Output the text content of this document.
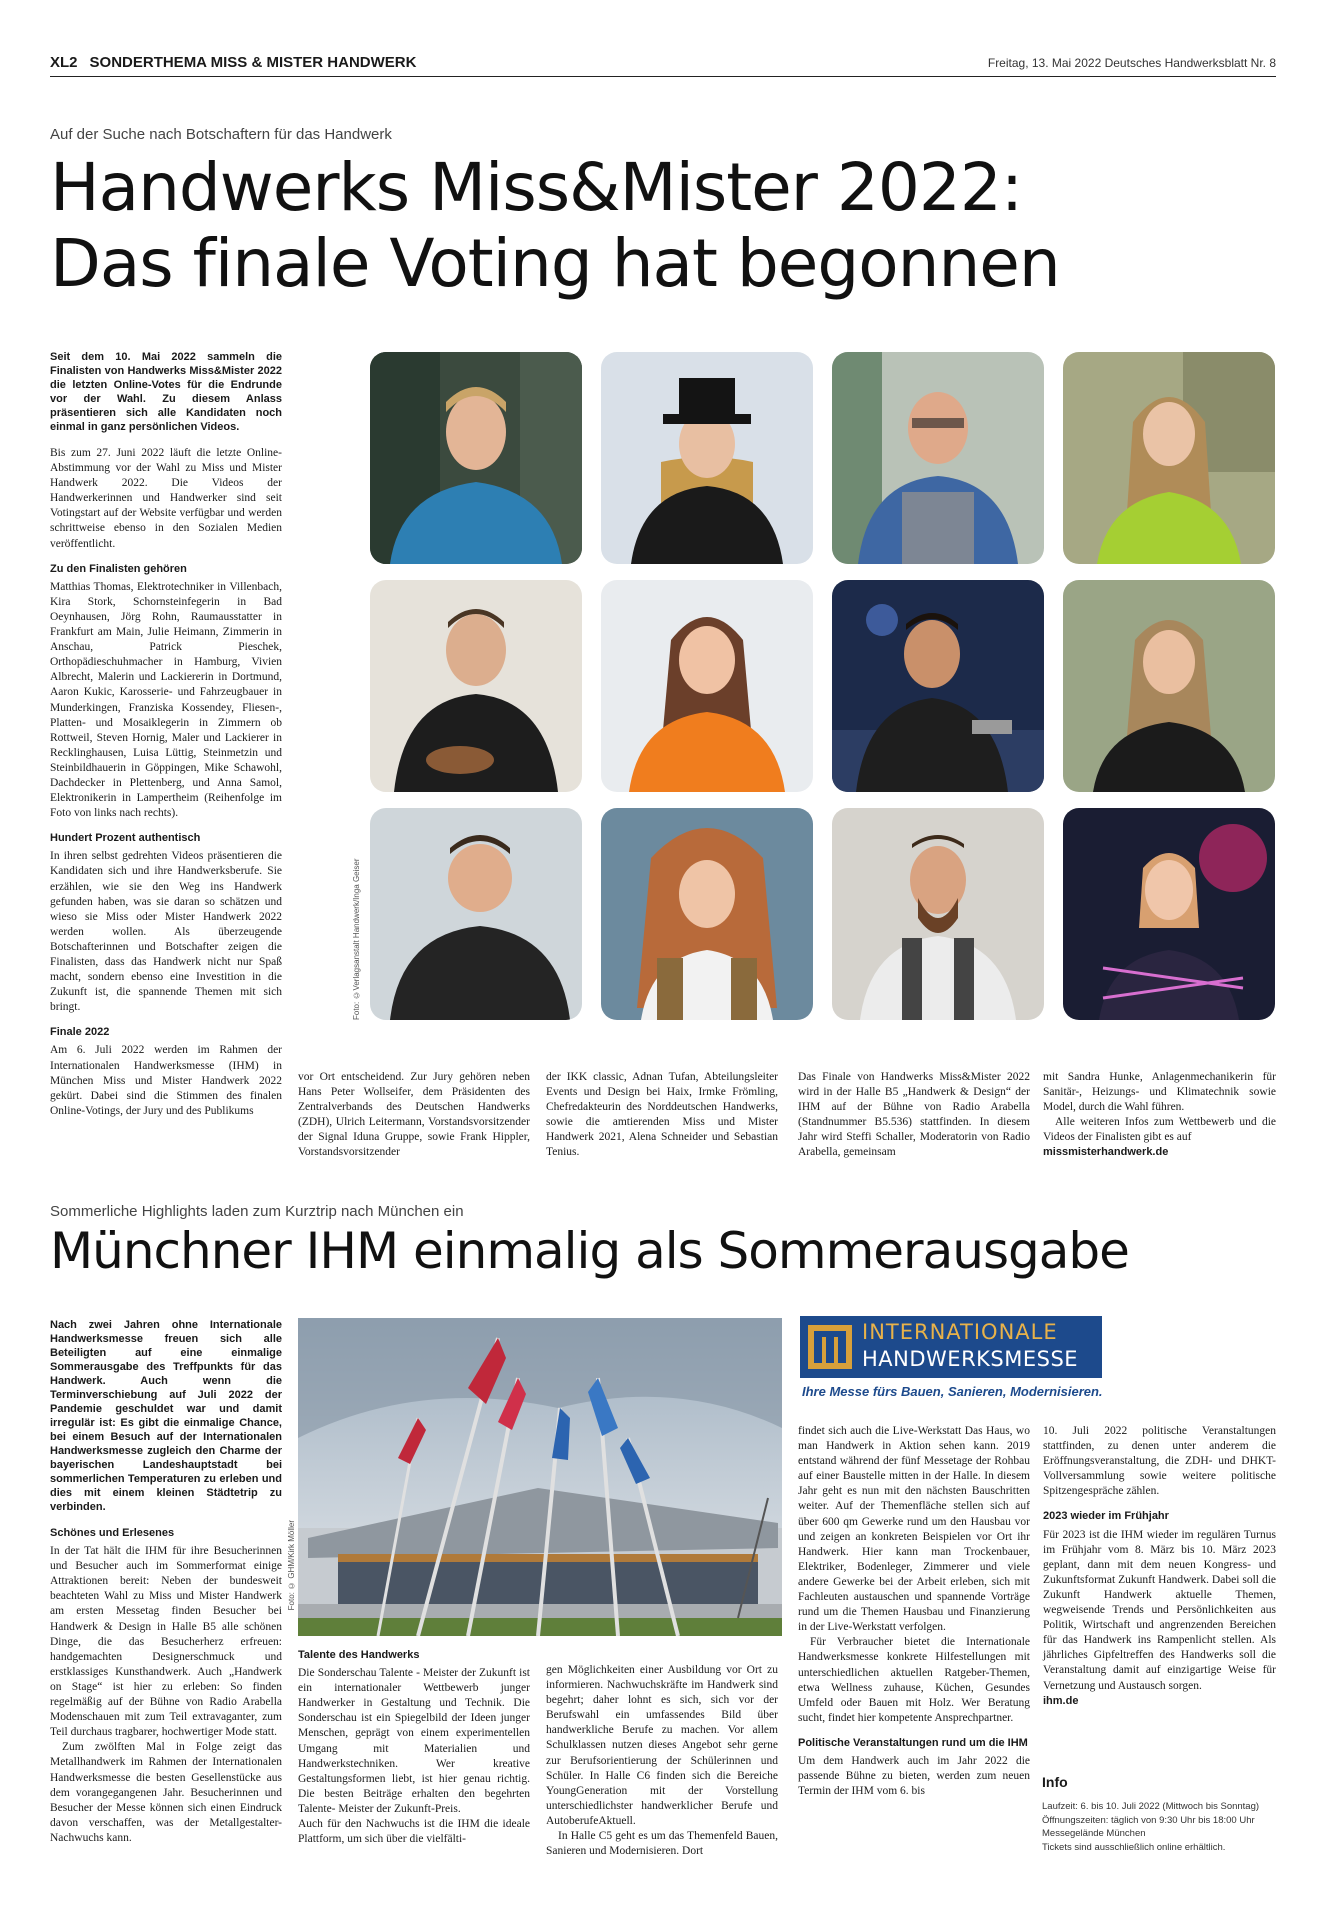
XL2 SONDERTHEMA MISS & MISTER HANDWERK	Freitag, 13. Mai 2022 Deutsches Handwerksblatt Nr. 8
Auf der Suche nach Botschaftern für das Handwerk
Handwerks Miss&Mister 2022:
Das finale Voting hat begonnen

Seit dem 10. Mai 2022 sammeln die Finalisten von Handwerks Miss&Mister 2022 die letzten Online-Votes für die Endrunde vor der Wahl. Zu diesem Anlass präsentieren sich alle Kandidaten noch einmal in ganz persönlichen Videos.

Bis zum 27. Juni 2022 läuft die letzte Online-Abstimmung vor der Wahl zu Miss und Mister Handwerk 2022. Die Videos der Handwerkerinnen und Handwerker sind seit Votingstart auf der Website verfügbar und werden schrittweise ebenso in den Sozialen Medien veröffentlicht.

Zu den Finalisten gehören

Matthias Thomas, Elektrotechniker in Villenbach, Kira Stork, Schornsteinfegerin in Bad Oeynhausen, Jörg Rohn, Raumausstatter in Frankfurt am Main, Julie Heimann, Zimmerin in Anschau, Patrick Pieschek, Orthopädieschuhmacher in Hamburg, Vivien Albrecht, Malerin und Lackiererin in Dortmund, Aaron Kukic, Karosserie- und Fahrzeugbauer in Munderkingen, Franziska Kossendey, Fliesen-, Platten- und Mosaiklegerin in Zimmern ob Rottweil, Steven Hornig, Maler und Lackierer in Recklinghausen, Luisa Lüttig, Steinmetzin und Steinbildhauerin in Göppingen, Mike Schawohl, Dachdecker in Plettenberg, und Anna Samol, Elektronikerin in Lampertheim (Reihenfolge im Foto von links nach rechts).

Hundert Prozent authentisch

In ihren selbst gedrehten Videos präsentieren die Kandidaten sich und ihre Handwerksberufe. Sie erzählen, wie sie den Weg ins Handwerk gefunden haben, was sie daran so schätzen und wieso sie Miss oder Mister Handwerk 2022 werden wollen. Als überzeugende Botschafterinnen und Botschafter zeigen die Finalisten, dass das Handwerk nicht nur Spaß macht, sondern ebenso eine Investition in die Zukunft ist, die spannende Themen mit sich bringt.

Finale 2022

Am 6. Juli 2022 werden im Rahmen der Internationalen Handwerksmesse (IHM) in München Miss und Mister Handwerk 2022 gekürt. Dabei sind die Stimmen des finalen Online-Votings, der Jury und des Publikums

Foto: ©Verlagsanstalt Handwerk/Inga Geiser

vor Ort entscheidend. Zur Jury gehören neben Hans Peter Wollseifer, dem Präsidenten des Zentralverbands des Deutschen Handwerks (ZDH), Ulrich Leitermann, Vorstandsvorsitzender der Signal Iduna Gruppe, sowie Frank Hippler, Vorstandsvorsitzender

der IKK classic, Adnan Tufan, Abteilungsleiter Events und Design bei Haix, Irmke Frömling, Chefredakteurin des Norddeutschen Handwerks, sowie die amtierenden Miss und Mister Handwerk 2021, Alena Schneider und Sebastian Tenius.

Das Finale von Handwerks Miss&Mister 2022 wird in der Halle B5 „Handwerk & Design“ der IHM auf der Bühne von Radio Arabella (Standnummer B5.536) stattfinden. In diesem Jahr wird Steffi Schaller, Moderatorin von Radio Arabella, gemeinsam

mit Sandra Hunke, Anlagenmechanikerin für Sanitär-, Heizungs- und Klimatechnik sowie Model, durch die Wahl führen.

Alle weiteren Infos zum Wettbewerb und die Videos der Finalisten gibt es auf

missmisterhandwerk.de

Sommerliche Highlights laden zum Kurztrip nach München ein
Münchner IHM einmalig als Sommerausgabe

Nach zwei Jahren ohne Internationale Handwerksmesse freuen sich alle Beteiligten auf eine einmalige Sommerausgabe des Treffpunkts für das Handwerk. Auch wenn die Terminverschiebung auf Juli 2022 der Pandemie geschuldet war und damit irregulär ist: Es gibt die einmalige Chance, bei einem Besuch auf der Internationalen Handwerksmesse zugleich den Charme der bayerischen Landeshauptstadt bei sommerlichen Temperaturen zu erleben und dies mit einem kleinen Städtetrip zu verbinden.

Schönes und Erlesenes

In der Tat hält die IHM für ihre Besucherinnen und Besucher auch im Sommerformat einige Attraktionen bereit: Neben der bundesweit beachteten Wahl zu Miss und Mister Handwerk am ersten Messetag finden Besucher bei Handwerk & Design in Halle B5 alle schönen Dinge, die das Besucherherz erfreuen: handgemachten Designerschmuck und erstklassiges Kunsthandwerk. Auch „Handwerk on Stage“ ist hier zu erleben: So finden regelmäßig auf der Bühne von Radio Arabella Modenschauen mit zum Teil extravaganter, zum Teil durchaus tragbarer, hochwertiger Mode statt.

Zum zwölften Mal in Folge zeigt das Metallhandwerk im Rahmen der Internationalen Handwerksmesse die besten Gesellenstücke aus dem vorangegangenen Jahr. Besucherinnen und Besucher der Messe können sich einen Eindruck davon verschaffen, was der Metallgestalter-Nachwuchs kann.

Foto: © GHM/Kirk Möller

Talente des Handwerks

Die Sonderschau Talente - Meister der Zukunft ist ein internationaler Wettbewerb junger Handwerker in Gestaltung und Technik. Die Sonderschau ist ein Spiegelbild der Ideen junger Menschen, geprägt von einem experimentellen Umgang mit Materialien und Handwerkstechniken. Wer kreative Gestaltungsformen liebt, ist hier genau richtig. Die besten Beiträge erhalten den begehrten Talente- Meister der Zukunft-Preis.

Auch für den Nachwuchs ist die IHM die ideale Plattform, um sich über die vielfälti-

gen Möglichkeiten einer Ausbildung vor Ort zu informieren. Nachwuchskräfte im Handwerk sind begehrt; daher lohnt es sich, sich vor der Berufswahl ein umfassendes Bild über handwerkliche Berufe zu machen. Vor allem Schulklassen nutzen dieses Angebot sehr gerne zur Berufsorientierung der Schülerinnen und Schüler. In Halle C6 finden sich die Bereiche YoungGeneration mit der Vorstellung unterschiedlichster handwerklicher Berufe und AutoberufeAktuell.

In Halle C5 geht es um das Themenfeld Bauen, Sanieren und Modernisieren. Dort

INTERNATIONALE
HANDWERKSMESSE
Ihre Messe fürs Bauen, Sanieren, Modernisieren.

findet sich auch die Live-Werkstatt Das Haus, wo man Handwerk in Aktion sehen kann. 2019 entstand während der fünf Messetage der Rohbau auf einer Baustelle mitten in der Halle. In diesem Jahr geht es nun mit den nächsten Bauschritten weiter. Auf der Themenfläche stellen sich auf über 600 qm Gewerke rund um den Hausbau vor und zeigen an konkreten Beispielen vor Ort ihr Handwerk. Hier kann man Trockenbauer, Elektriker, Bodenleger, Zimmerer und viele andere Gewerke bei der Arbeit erleben, sich mit Fachleuten austauschen und spannende Vorträge rund um die Themen Hausbau und Finanzierung in der Live-Werkstatt verfolgen.

Für Verbraucher bietet die Internationale Handwerksmesse konkrete Hilfestellungen mit unterschiedlichen aktuellen Ratgeber-Themen, etwa Wellness zuhause, Küchen, Gesundes Umfeld oder Bauen mit Holz. Wer Beratung sucht, findet hier kompetente Ansprechpartner.

Politische Veranstaltungen rund um die IHM

Um dem Handwerk auch im Jahr 2022 die passende Bühne zu bieten, werden zum neuen Termin der IHM vom 6. bis

10. Juli 2022 politische Veranstaltungen stattfinden, zu denen unter anderem die Eröffnungsveranstaltung, die ZDH- und DHKT-Vollversammlung sowie weitere politische Spitzengespräche zählen.

2023 wieder im Frühjahr

Für 2023 ist die IHM wieder im regulären Turnus im Frühjahr vom 8. März bis 10. März 2023 geplant, dann mit dem neuen Kongress- und Zukunftsformat Zukunft Handwerk. Dabei soll die Zukunft Handwerk aktuelle Themen, wegweisende Trends und Persönlichkeiten aus Politik, Wirtschaft und angrenzenden Bereichen für das Handwerk ins Rampenlicht stellen. Als jährliches Gipfeltreffen des Handwerks soll die Veranstaltung damit auf einzigartige Weise für Vernetzung und Austausch sorgen.

ihm.de

Info
Laufzeit: 6. bis 10. Juli 2022 (Mittwoch bis Sonntag)
Öffnungszeiten: täglich von 9:30 Uhr bis 18:00 Uhr
Messegelände München
Tickets sind ausschließlich online erhältlich.
